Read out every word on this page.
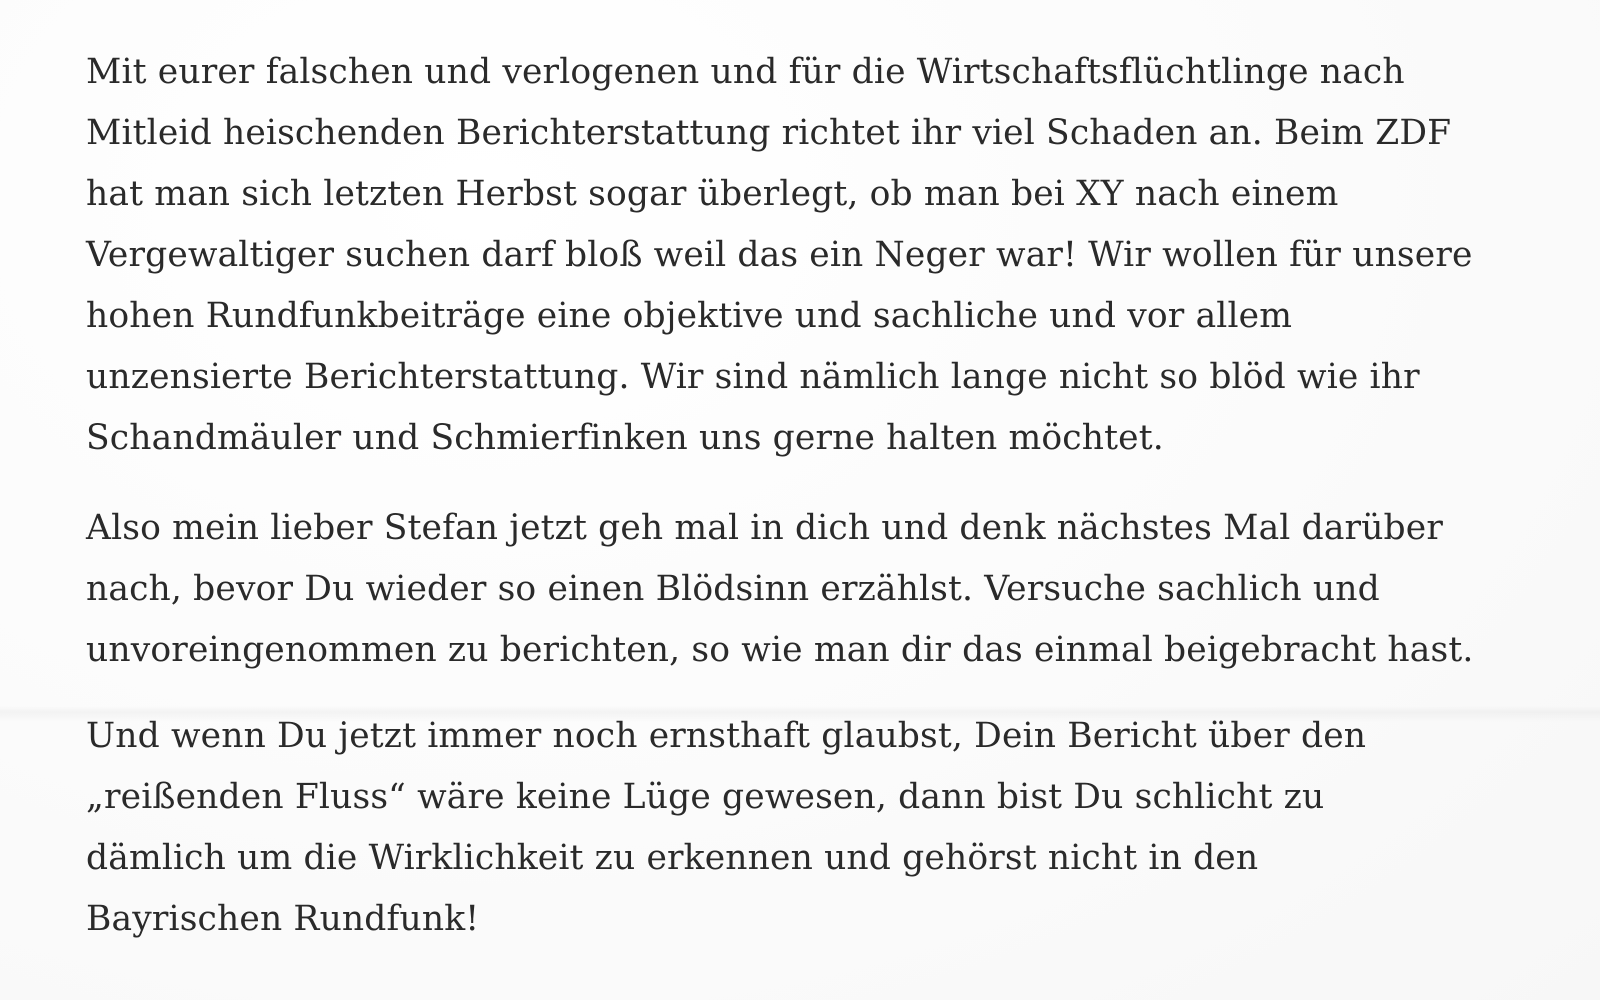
Mit eurer falschen und verlogenen und für die Wirtschaftsflüchtlinge nach
Mitleid heischenden Berichterstattung richtet ihr viel Schaden an. Beim ZDF
hat man sich letzten Herbst sogar überlegt, ob man bei XY nach einem
Vergewaltiger suchen darf bloß weil das ein Neger war! Wir wollen für unsere
hohen Rundfunkbeiträge eine objektive und sachliche und vor allem
unzensierte Berichterstattung. Wir sind nämlich lange nicht so blöd wie ihr
Schandmäuler und Schmierfinken uns gerne halten möchtet.

Also mein lieber Stefan jetzt geh mal in dich und denk nächstes Mal darüber
nach, bevor Du wieder so einen Blödsinn erzählst. Versuche sachlich und
unvoreingenommen zu berichten, so wie man dir das einmal beigebracht hast.

Und wenn Du jetzt immer noch ernsthaft glaubst, Dein Bericht über den
„reißenden Fluss“ wäre keine Lüge gewesen, dann bist Du schlicht zu
dämlich um die Wirklichkeit zu erkennen und gehörst nicht in den
Bayrischen Rundfunk!
